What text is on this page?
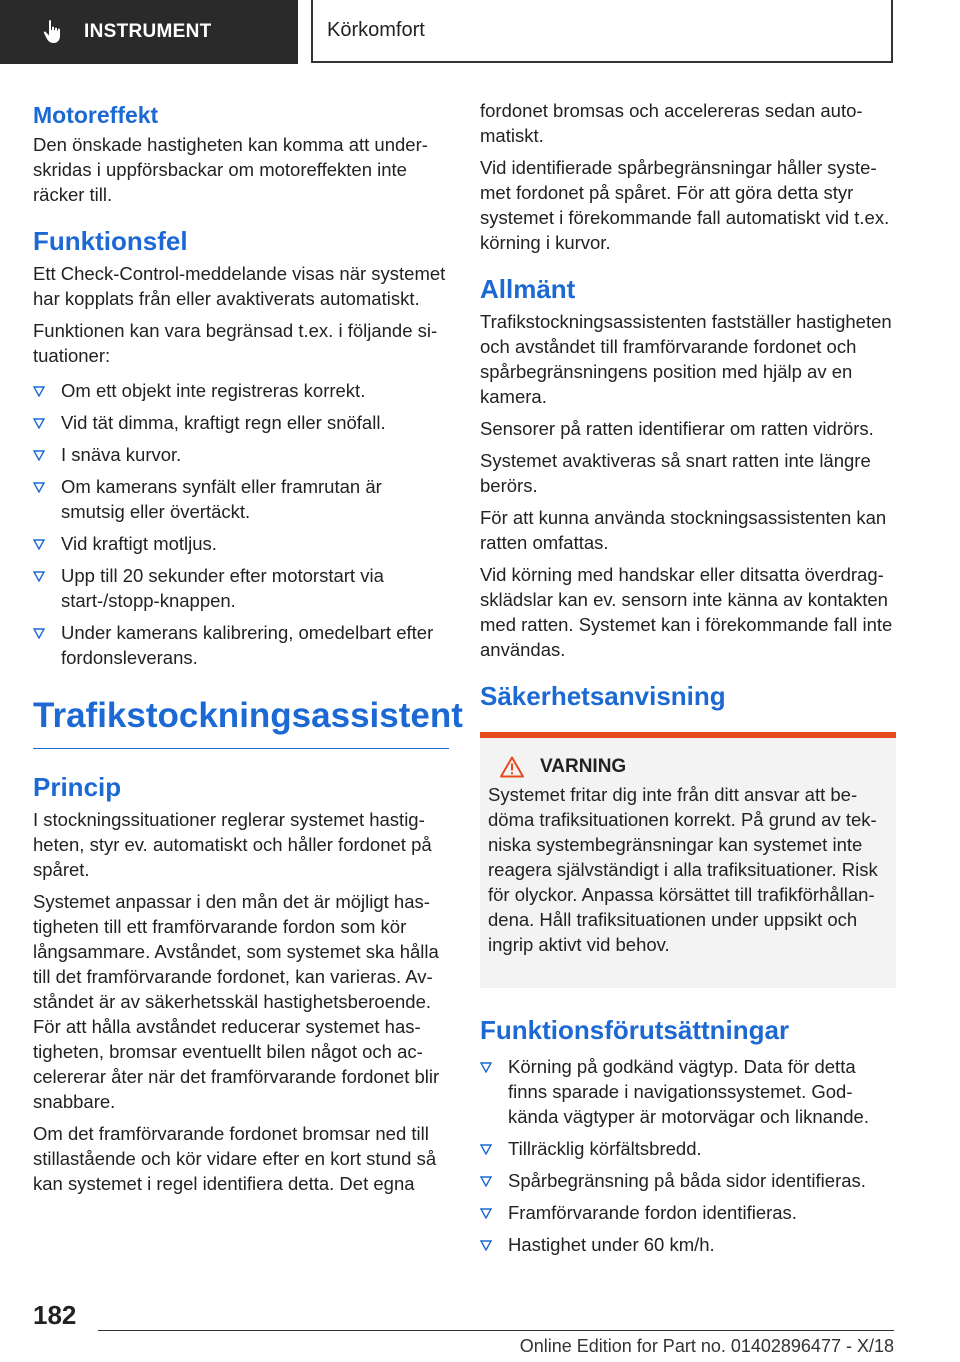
INSTRUMENT	Körkomfort
Motoreffekt

Den önskade hastigheten kan komma att underskridas i uppförsbackar om motoreffekten inte räcker till.

Funktionsfel

Ett Check-Control-meddelande visas när systemet har kopplats från eller avaktiverats automatiskt.

Funktionen kan vara begränsad t.ex. i följande situationer:

Om ett objekt inte registreras korrekt.
Vid tät dimma, kraftigt regn eller snöfall.
I snäva kurvor.
Om kamerans synfält eller framrutan är smutsig eller övertäckt.
Vid kraftigt motljus.
Upp till 20 sekunder efter motorstart via start-/stopp-knappen.
Under kamerans kalibrering, omedelbart efter fordonsleverans.
Trafikstockningsassistent
Princip

I stockningssituationer reglerar systemet hastigheten, styr ev. automatiskt och håller fordonet på spåret.

Systemet anpassar i den mån det är möjligt hastigheten till ett framförvarande fordon som kör långsammare. Avståndet, som systemet ska hålla till det framförvarande fordonet, kan varieras. Avståndet är av säkerhetsskäl hastighetsberoende. För att hålla avståndet reducerar systemet hastigheten, bromsar eventuellt bilen något och accelererar åter när det framförvarande fordonet blir snabbare.

Om det framförvarande fordonet bromsar ned till stillastående och kör vidare efter en kort stund så kan systemet i regel identifiera detta. Det egna

fordonet bromsas och accelereras sedan automatiskt.

Vid identifierade spårbegränsningar håller systemet fordonet på spåret. För att göra detta styr systemet i förekommande fall automatiskt vid t.ex. körning i kurvor.

Allmänt

Trafikstockningsassistenten fastställer hastigheten och avståndet till framförvarande fordonet och spårbegränsningens position med hjälp av en kamera.

Sensorer på ratten identifierar om ratten vidrörs.

Systemet avaktiveras så snart ratten inte längre berörs.

För att kunna använda stockningsassistenten kan ratten omfattas.

Vid körning med handskar eller ditsatta överdragsklädslar kan ev. sensorn inte känna av kontakten med ratten. Systemet kan i förekommande fall inte användas.

Säkerhetsanvisning
VARNING

Systemet fritar dig inte från ditt ansvar att bedöma trafiksituationen korrekt. På grund av tekniska systembegränsningar kan systemet inte reagera självständigt i alla trafiksituationer. Risk för olyckor. Anpassa körsättet till trafikförhållandena. Håll trafiksituationen under uppsikt och ingrip aktivt vid behov.

Funktionsförutsättningar
Körning på godkänd vägtyp. Data för detta finns sparade i navigationssystemet. Godkända vägtyper är motorvägar och liknande.
Tillräcklig körfältsbredd.
Spårbegränsning på båda sidor identifieras.
Framförvarande fordon identifieras.
Hastighet under 60 km/h.
182
Online Edition for Part no. 01402896477 - X/18
